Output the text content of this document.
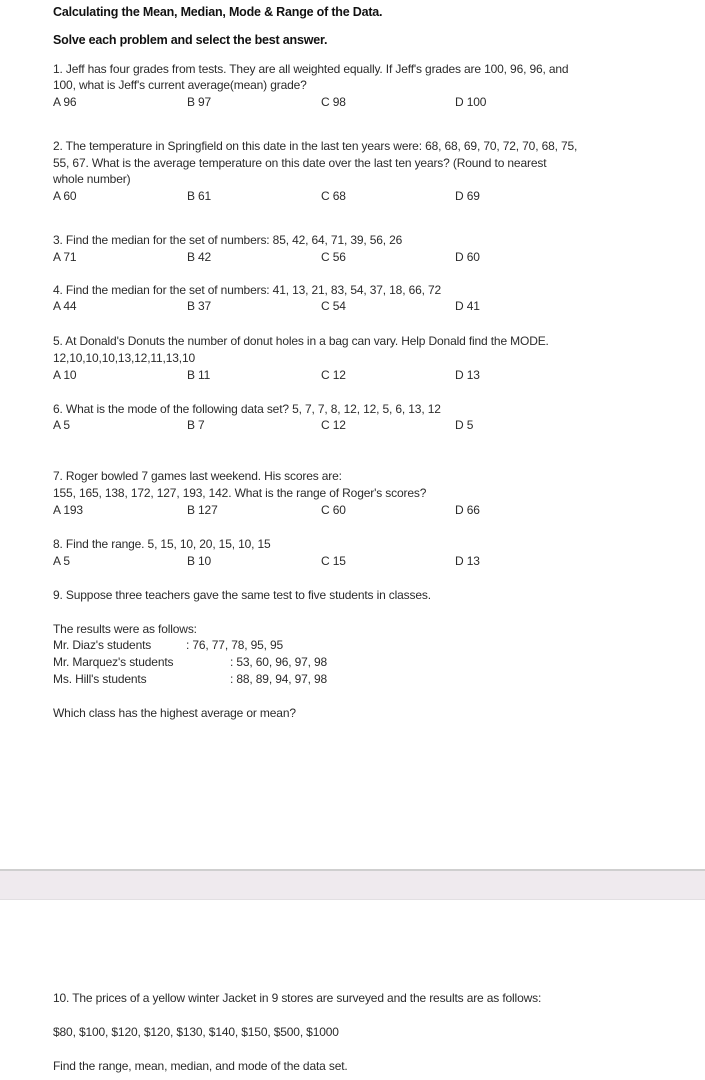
Calculating the Mean, Median, Mode & Range of the Data.
Solve each problem and select the best answer.
1. Jeff has four grades from tests. They are all weighted equally. If Jeff's grades are 100, 96, 96, and
100, what is Jeff's current average(mean) grade?
A 96	B 97	C 98	D 100
2. The temperature in Springfield on this date in the last ten years were: 68, 68, 69, 70, 72, 70, 68, 75,
55, 67. What is the average temperature on this date over the last ten years? (Round to nearest
whole number)
A 60	B 61	C 68	D 69
3. Find the median for the set of numbers: 85, 42, 64, 71, 39, 56, 26
A 71	B 42	C 56	D 60
4. Find the median for the set of numbers: 41, 13, 21, 83, 54, 37, 18, 66, 72
A 44	B 37	C 54	D 41
5. At Donald's Donuts the number of donut holes in a bag can vary. Help Donald find the MODE.
12,10,10,10,13,12,11,13,10
A 10	B 11	C 12	D 13
6. What is the mode of the following data set? 5, 7, 7, 8, 12, 12, 5, 6, 13, 12
A 5	B 7	C 12	D 5
7. Roger bowled 7 games last weekend. His scores are:
155, 165, 138, 172, 127, 193, 142. What is the range of Roger's scores?
A 193	B 127	C 60	D 66
8. Find the range. 5, 15, 10, 20, 15, 10, 15
A 5	B 10	C 15	D 13
9. Suppose three teachers gave the same test to five students in classes.
The results were as follows:
Mr. Diaz's students	: 76, 77, 78, 95, 95
Mr. Marquez's students	: 53, 60, 96, 97, 98
Ms. Hill's students	: 88, 89, 94, 97, 98
Which class has the highest average or mean?
10. The prices of a yellow winter Jacket in 9 stores are surveyed and the results are as follows:
$80, $100, $120, $120, $130, $140, $150, $500, $1000
Find the range, mean, median, and mode of the data set.
